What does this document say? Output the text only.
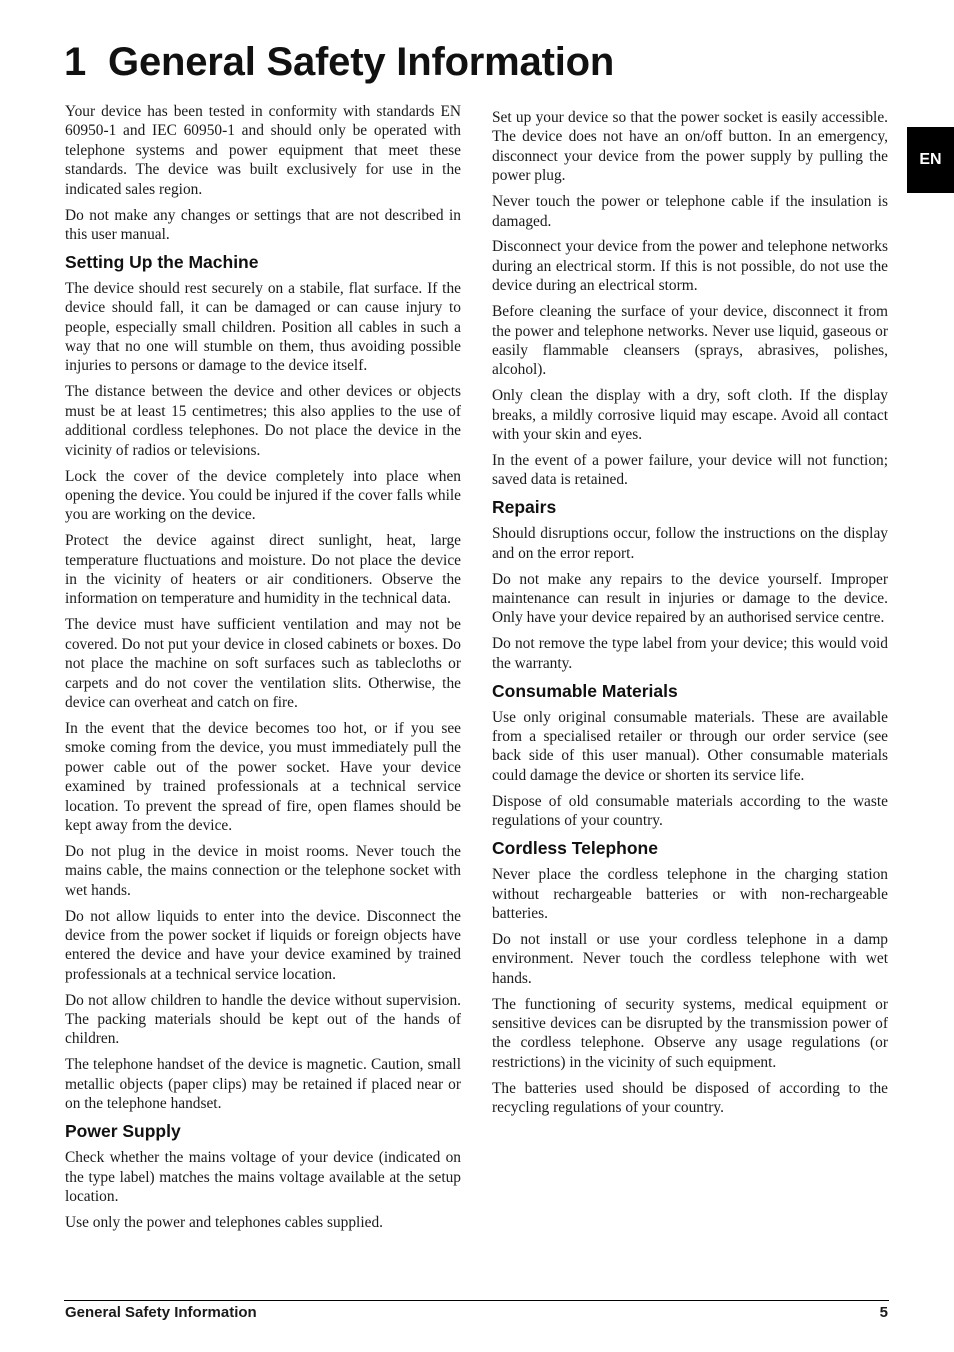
1 General Safety Information
EN

Your device has been tested in conformity with standards EN 60950-1 and IEC 60950-1 and should only be operated with telephone systems and power equipment that meet these standards. The device was built exclusively for use in the indicated sales region.

Do not make any changes or settings that are not described in this user manual.

Setting Up the Machine

The device should rest securely on a stabile, flat surface. If the device should fall, it can be damaged or can cause injury to people, especially small children. Position all cables in such a way that no one will stumble on them, thus avoiding possible injuries to persons or damage to the device itself.

The distance between the device and other devices or objects must be at least 15 centimetres; this also applies to the use of additional cordless telephones. Do not place the device in the vicinity of radios or televisions.

Lock the cover of the device completely into place when opening the device. You could be injured if the cover falls while you are working on the device.

Protect the device against direct sunlight, heat, large temperature fluctuations and moisture. Do not place the device in the vicinity of heaters or air conditioners. Observe the information on temperature and humidity in the technical data.

The device must have sufficient ventilation and may not be covered. Do not put your device in closed cabinets or boxes. Do not place the machine on soft surfaces such as tablecloths or carpets and do not cover the ventilation slits. Otherwise, the device can overheat and catch on fire.

In the event that the device becomes too hot, or if you see smoke coming from the device, you must immediately pull the power cable out of the power socket. Have your device examined by trained professionals at a technical service location. To prevent the spread of fire, open flames should be kept away from the device.

Do not plug in the device in moist rooms. Never touch the mains cable, the mains connection or the telephone socket with wet hands.

Do not allow liquids to enter into the device. Disconnect the device from the power socket if liquids or foreign objects have entered the device and have your device examined by trained professionals at a technical service location.

Do not allow children to handle the device without supervision. The packing materials should be kept out of the hands of children.

The telephone handset of the device is magnetic. Caution, small metallic objects (paper clips) may be retained if placed near or on the telephone handset.

Power Supply

Check whether the mains voltage of your device (indicated on the type label) matches the mains voltage available at the setup location.

Use only the power and telephones cables supplied.

Set up your device so that the power socket is easily accessible. The device does not have an on/off button. In an emergency, disconnect your device from the power supply by pulling the power plug.

Never touch the power or telephone cable if the insulation is damaged.

Disconnect your device from the power and telephone networks during an electrical storm. If this is not possible, do not use the device during an electrical storm.

Before cleaning the surface of your device, disconnect it from the power and telephone networks. Never use liquid, gaseous or easily flammable cleansers (sprays, abrasives, polishes, alcohol).

Only clean the display with a dry, soft cloth. If the display breaks, a mildly corrosive liquid may escape. Avoid all contact with your skin and eyes.

In the event of a power failure, your device will not function; saved data is retained.

Repairs

Should disruptions occur, follow the instructions on the display and on the error report.

Do not make any repairs to the device yourself. Improper maintenance can result in injuries or damage to the device. Only have your device repaired by an authorised service centre.

Do not remove the type label from your device; this would void the warranty.

Consumable Materials

Use only original consumable materials. These are available from a specialised retailer or through our order service (see back side of this user manual). Other consumable materials could damage the device or shorten its service life.

Dispose of old consumable materials according to the waste regulations of your country.

Cordless Telephone

Never place the cordless telephone in the charging station without rechargeable batteries or with non-rechargeable batteries.

Do not install or use your cordless telephone in a damp environment. Never touch the cordless telephone with wet hands.

The functioning of security systems, medical equipment or sensitive devices can be disrupted by the transmission power of the cordless telephone. Observe any usage regulations (or restrictions) in the vicinity of such equipment.

The batteries used should be disposed of according to the recycling regulations of your country.

General Safety Information	5
